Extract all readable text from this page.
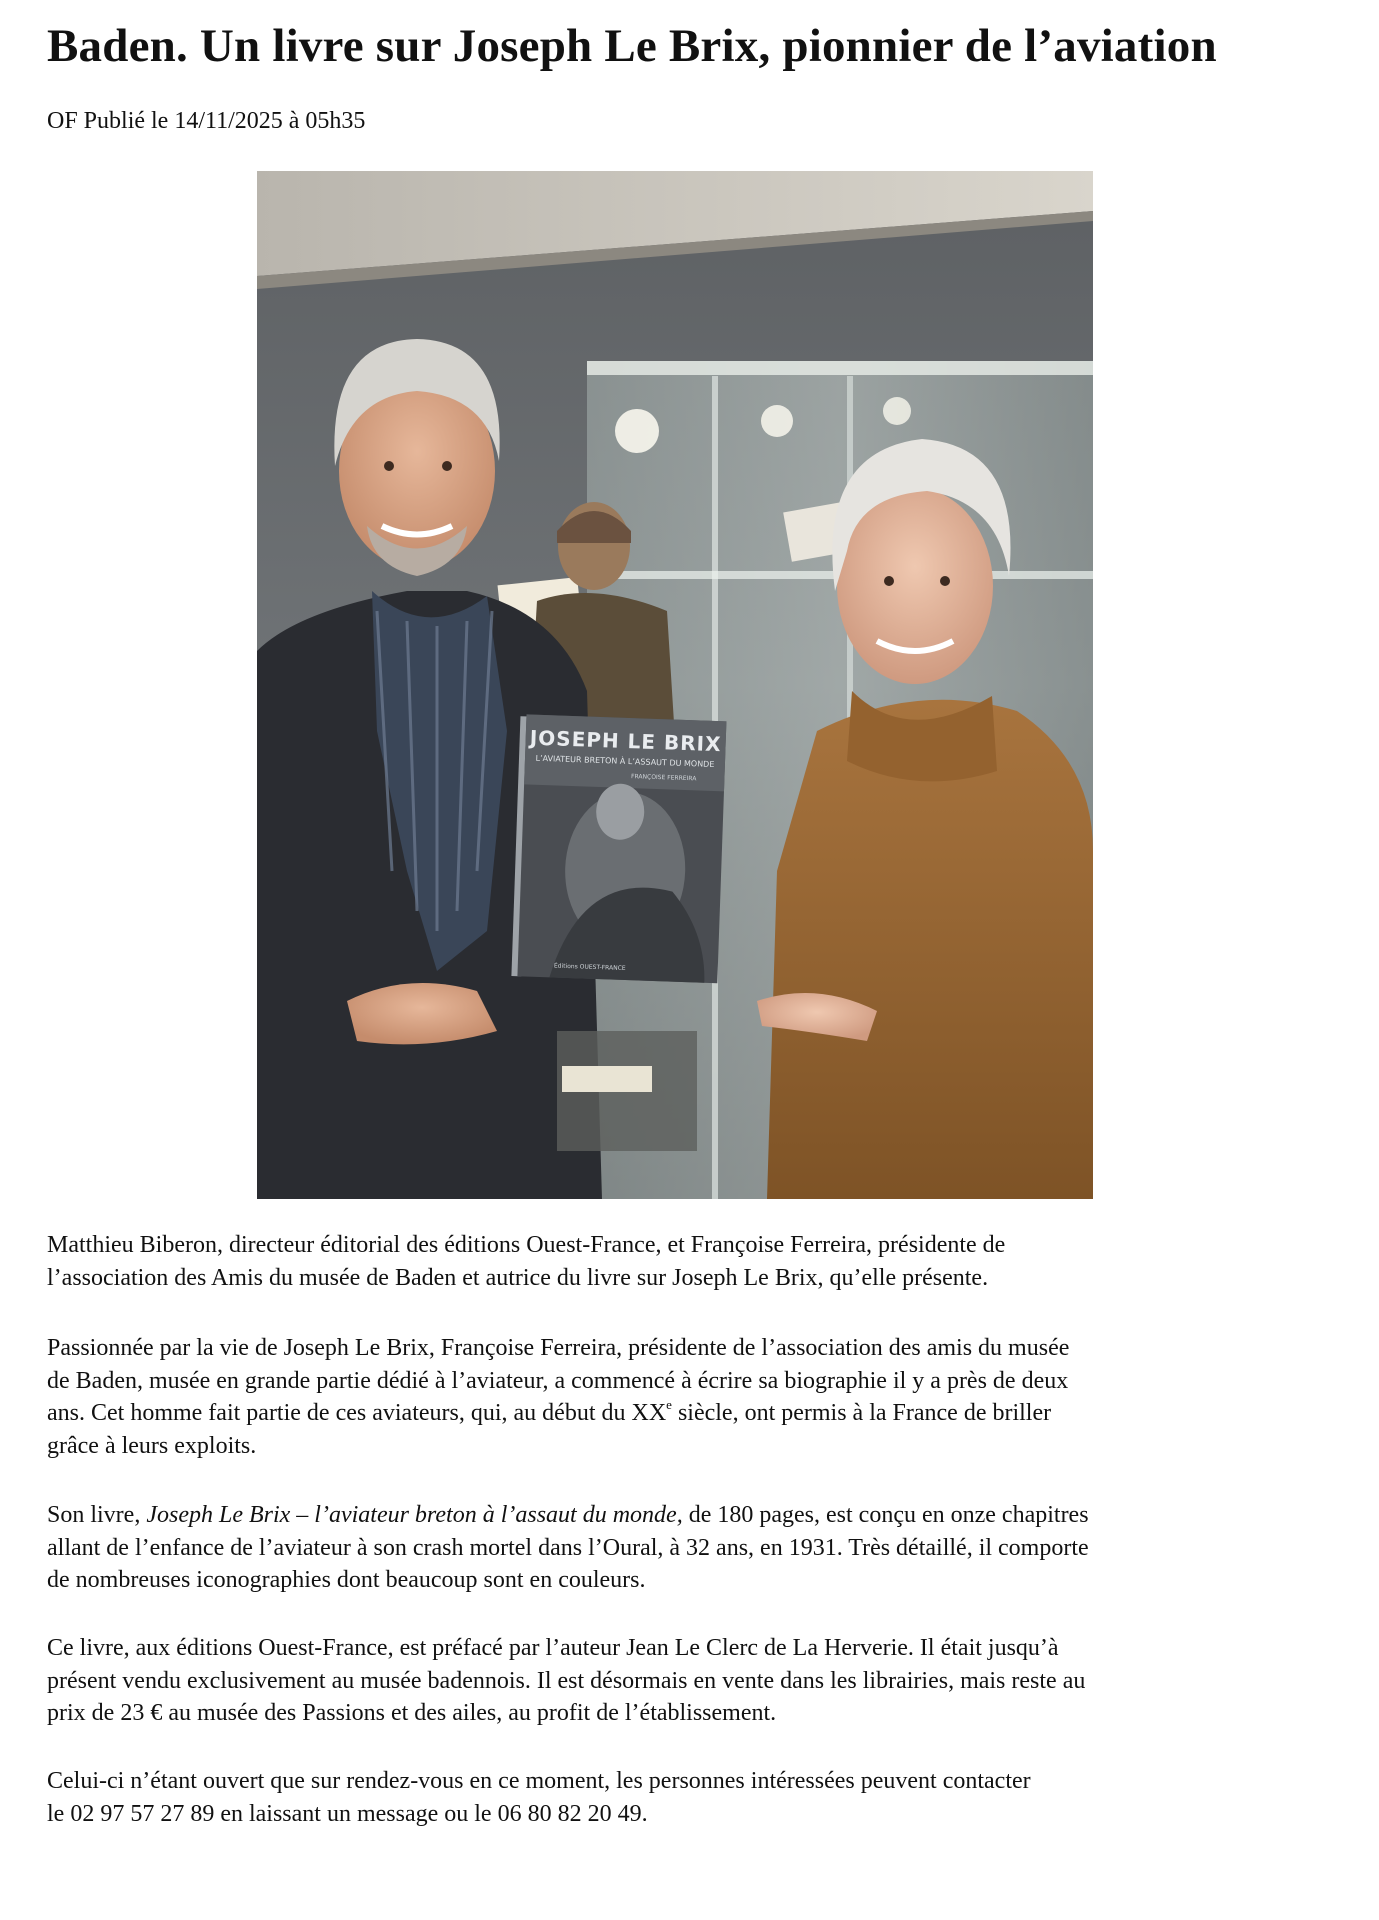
Baden. Un livre sur Joseph Le Brix, pionnier de l’aviation
OF Publié le 14/11/2025 à 05h35
JOSEPH LE BRIX
L’AVIATEUR BRETON À L’ASSAUT DU MONDE
FRANÇOISE FERREIRA
Éditions OUEST-FRANCE

Matthieu Biberon, directeur éditorial des éditions Ouest-France, et Françoise Ferreira, présidente de
l’association des Amis du musée de Baden et autrice du livre sur Joseph Le Brix, qu’elle présente.

Passionnée par la vie de Joseph Le Brix, Françoise Ferreira, présidente de l’association des amis du musée
de Baden, musée en grande partie dédié à l’aviateur, a commencé à écrire sa biographie il y a près de deux
ans. Cet homme fait partie de ces aviateurs, qui, au début du XXe siècle, ont permis à la France de briller
grâce à leurs exploits.

Son livre, Joseph Le Brix – l’aviateur breton à l’assaut du monde, de 180 pages, est conçu en onze chapitres
allant de l’enfance de l’aviateur à son crash mortel dans l’Oural, à 32 ans, en 1931. Très détaillé, il comporte
de nombreuses iconographies dont beaucoup sont en couleurs.

Ce livre, aux éditions Ouest-France, est préfacé par l’auteur Jean Le Clerc de La Herverie. Il était jusqu’à
présent vendu exclusivement au musée badennois. Il est désormais en vente dans les librairies, mais reste au
prix de 23 € au musée des Passions et des ailes, au profit de l’établissement.

Celui-ci n’étant ouvert que sur rendez-vous en ce moment, les personnes intéressées peuvent contacter
le 02 97 57 27 89 en laissant un message ou le 06 80 82 20 49.
